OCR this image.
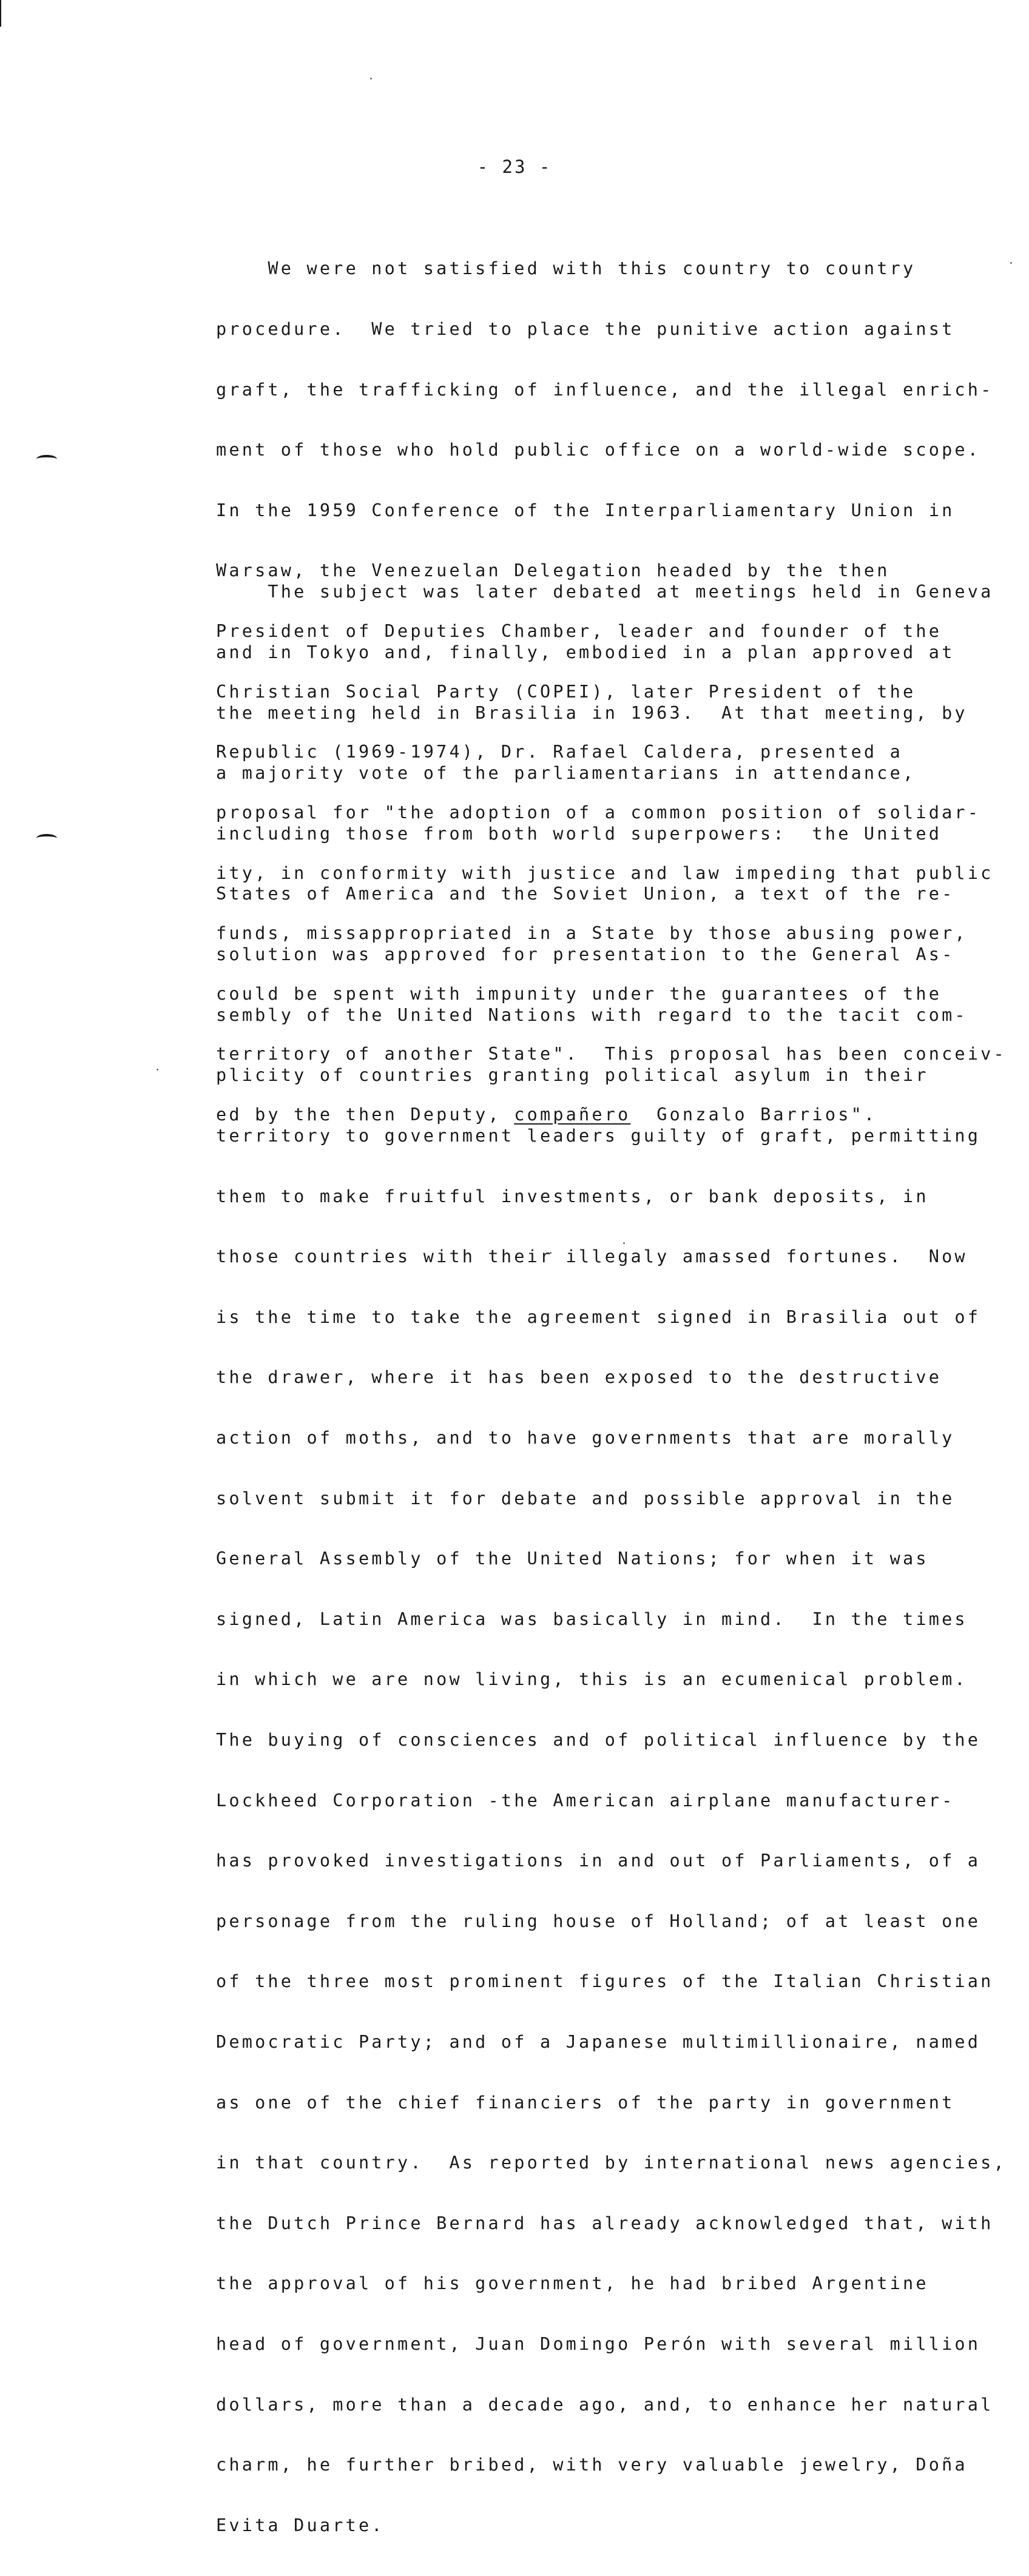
- 23 -

We were not satisfied with this country to country

procedure.  We tried to place the punitive action against

graft, the trafficking of influence, and the illegal enrich-

ment of those who hold public office on a world-wide scope.

In the 1959 Conference of the Interparliamentary Union in

Warsaw, the Venezuelan Delegation headed by the then

President of Deputies Chamber, leader and founder of the

Christian Social Party (COPEI), later President of the

Republic (1969-1974), Dr. Rafael Caldera, presented a

proposal for "the adoption of a common position of solidar-

ity, in conformity with justice and law impeding that public

funds, missappropriated in a State by those abusing power,

could be spent with impunity under the guarantees of the

territory of another State".  This proposal has been conceiv-

ed by the then Deputy, compañero  Gonzalo Barrios".

The subject was later debated at meetings held in Geneva

and in Tokyo and, finally, embodied in a plan approved at

the meeting held in Brasilia in 1963.  At that meeting, by

a majority vote of the parliamentarians in attendance,

including those from both world superpowers:  the United

States of America and the Soviet Union, a text of the re-

solution was approved for presentation to the General As-

sembly of the United Nations with regard to the tacit com-

plicity of countries granting political asylum in their

territory to government leaders guilty of graft, permitting

them to make fruitful investments, or bank deposits, in

those countries with their illegaly amassed fortunes.  Now

is the time to take the agreement signed in Brasilia out of

the drawer, where it has been exposed to the destructive

action of moths, and to have governments that are morally

solvent submit it for debate and possible approval in the

General Assembly of the United Nations; for when it was

signed, Latin America was basically in mind.  In the times

in which we are now living, this is an ecumenical problem.

The buying of consciences and of political influence by the

Lockheed Corporation -the American airplane manufacturer-

has provoked investigations in and out of Parliaments, of a

personage from the ruling house of Holland; of at least one

of the three most prominent figures of the Italian Christian

Democratic Party; and of a Japanese multimillionaire, named

as one of the chief financiers of the party in government

in that country.  As reported by international news agencies,

the Dutch Prince Bernard has already acknowledged that, with

the approval of his government, he had bribed Argentine

head of government, Juan Domingo Perón with several million

dollars, more than a decade ago, and, to enhance her natural

charm, he further bribed, with very valuable jewelry, Doña

Evita Duarte.
